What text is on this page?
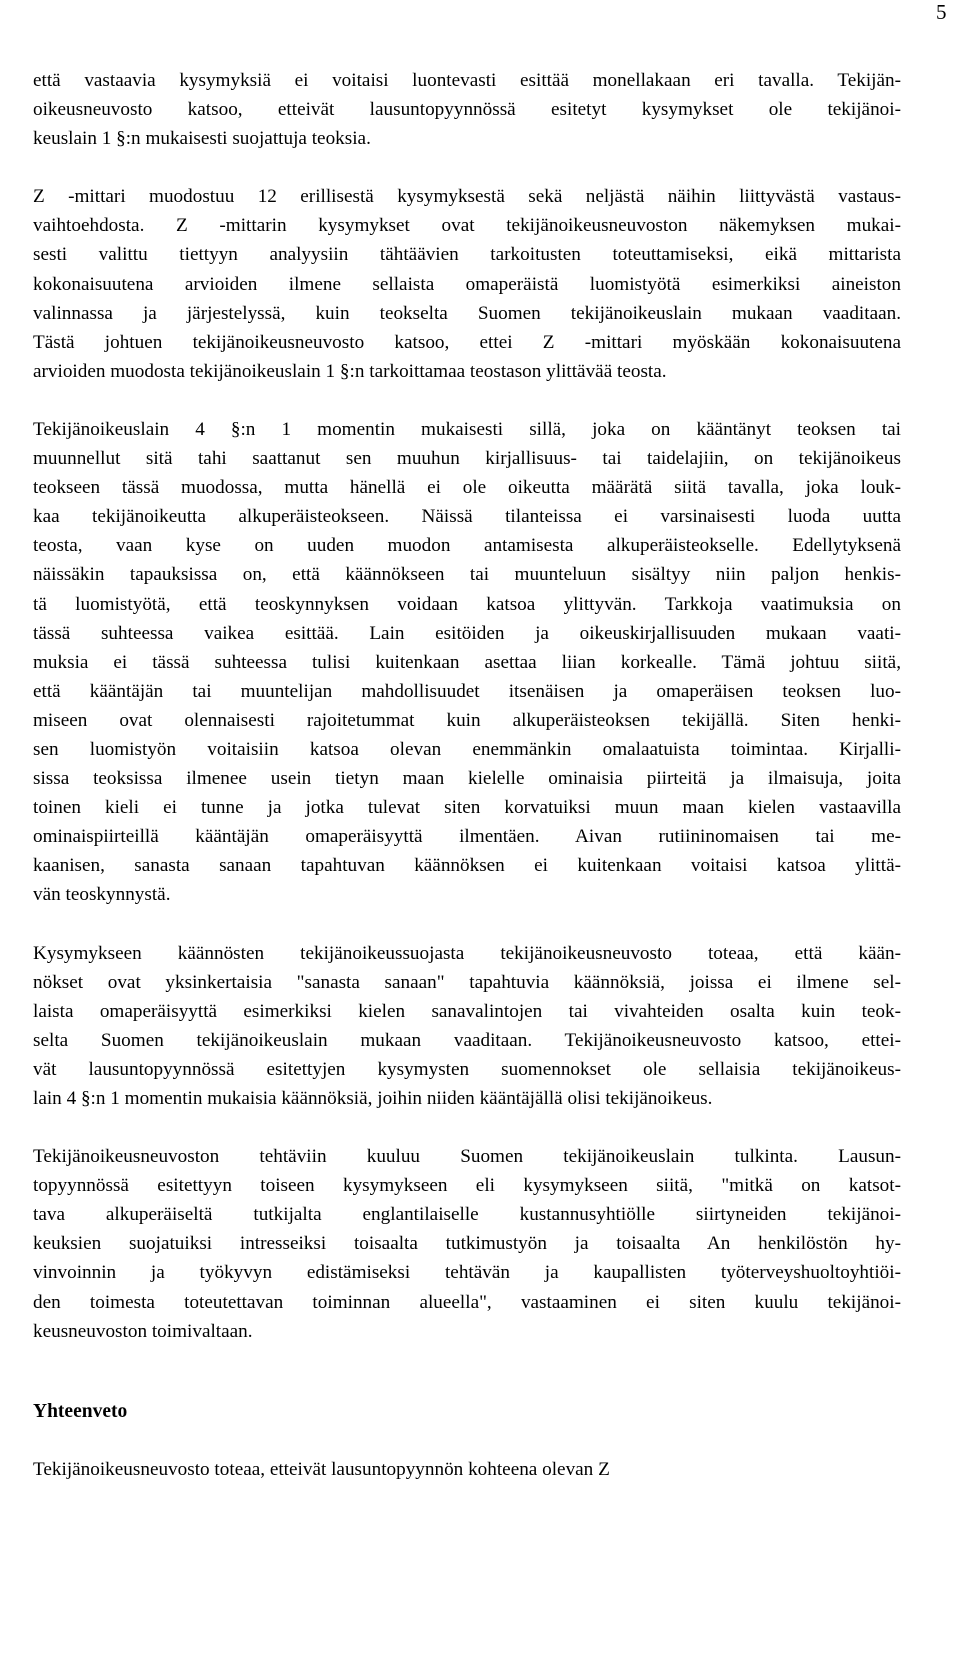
5

että vastaavia kysymyksiä ei voitaisi luontevasti esittää monellakaan eri tavalla. Tekijän-
oikeusneuvosto katsoo, etteivät lausuntopyynnössä esitetyt kysymykset ole tekijänoi-
keuslain 1 §:n mukaisesti suojattuja teoksia.

Z -mittari muodostuu 12 erillisestä kysymyksestä sekä neljästä näihin liittyvästä vastaus-
vaihtoehdosta. Z -mittarin kysymykset ovat tekijänoikeusneuvoston näkemyksen mukai-
sesti valittu tiettyyn analyysiin tähtäävien tarkoitusten toteuttamiseksi, eikä mittarista
kokonaisuutena arvioiden ilmene sellaista omaperäistä luomistyötä esimerkiksi aineiston
valinnassa ja järjestelyssä, kuin teokselta Suomen tekijänoikeuslain mukaan vaaditaan.
Tästä johtuen tekijänoikeusneuvosto katsoo, ettei Z -mittari myöskään kokonaisuutena
arvioiden muodosta tekijänoikeuslain 1 §:n tarkoittamaa teostason ylittävää teosta.

Tekijänoikeuslain 4 §:n 1 momentin mukaisesti sillä, joka on kääntänyt teoksen tai
muunnellut sitä tahi saattanut sen muuhun kirjallisuus- tai taidelajiin, on tekijänoikeus
teokseen tässä muodossa, mutta hänellä ei ole oikeutta määrätä siitä tavalla, joka louk-
kaa tekijänoikeutta alkuperäisteokseen. Näissä tilanteissa ei varsinaisesti luoda uutta
teosta, vaan kyse on uuden muodon antamisesta alkuperäisteokselle. Edellytyksenä
näissäkin tapauksissa on, että käännökseen tai muunteluun sisältyy niin paljon henkis-
tä luomistyötä, että teoskynnyksen voidaan katsoa ylittyvän. Tarkkoja vaatimuksia on
tässä suhteessa vaikea esittää. Lain esitöiden ja oikeuskirjallisuuden mukaan vaati-
muksia ei tässä suhteessa tulisi kuitenkaan asettaa liian korkealle. Tämä johtuu siitä,
että kääntäjän tai muuntelijan mahdollisuudet itsenäisen ja omaperäisen teoksen luo-
miseen ovat olennaisesti rajoitetummat kuin alkuperäisteoksen tekijällä. Siten henki-
sen luomistyön voitaisiin katsoa olevan enemmänkin omalaatuista toimintaa. Kirjalli-
sissa teoksissa ilmenee usein tietyn maan kielelle ominaisia piirteitä ja ilmaisuja, joita
toinen kieli ei tunne ja jotka tulevat siten korvatuiksi muun maan kielen vastaavilla
ominaispiirteillä kääntäjän omaperäisyyttä ilmentäen. Aivan rutiininomaisen tai me-
kaanisen, sanasta sanaan tapahtuvan käännöksen ei kuitenkaan voitaisi katsoa ylittä-
vän teoskynnystä.

Kysymykseen käännösten tekijänoikeussuojasta tekijänoikeusneuvosto toteaa, että kään-
nökset ovat yksinkertaisia "sanasta sanaan" tapahtuvia käännöksiä, joissa ei ilmene sel-
laista omaperäisyyttä esimerkiksi kielen sanavalintojen tai vivahteiden osalta kuin teok-
selta Suomen tekijänoikeuslain mukaan vaaditaan. Tekijänoikeusneuvosto katsoo, ettei-
vät lausuntopyynnössä esitettyjen kysymysten suomennokset ole sellaisia tekijänoikeus-
lain 4 §:n 1 momentin mukaisia käännöksiä, joihin niiden kääntäjällä olisi tekijänoikeus.

Tekijänoikeusneuvoston tehtäviin kuuluu Suomen tekijänoikeuslain tulkinta. Lausun-
topyynnössä esitettyyn toiseen kysymykseen eli kysymykseen siitä, "mitkä on katsot-
tava alkuperäiseltä tutkijalta englantilaiselle kustannusyhtiölle siirtyneiden tekijänoi-
keuksien suojatuiksi intresseiksi toisaalta tutkimustyön ja toisaalta An henkilöstön hy-
vinvoinnin ja työkyvyn edistämiseksi tehtävän ja kaupallisten työterveyshuoltoyhtiöi-
den toimesta toteutettavan toiminnan alueella", vastaaminen ei siten kuulu tekijänoi-
keusneuvoston toimivaltaan.

Yhteenveto

Tekijänoikeusneuvosto toteaa, etteivät lausuntopyynnön kohteena olevan Z
